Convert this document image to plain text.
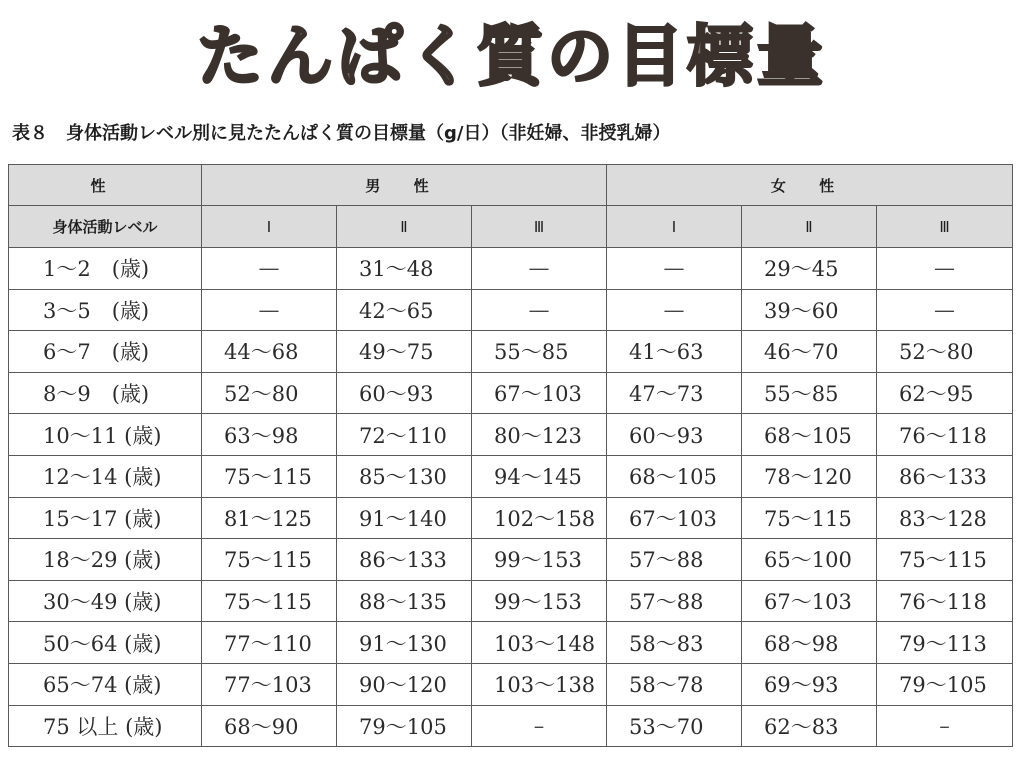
たんぱく質の目標量
表８　身体活動レベル別に見たたんぱく質の目標量（g/日）（非妊婦、非授乳婦）
性	男 性			女 性		
身体活動レベル	Ⅰ	Ⅱ	Ⅲ	Ⅰ	Ⅱ	Ⅲ
1～2　(歳)	—	31～48	—	—	29～45	—
3～5　(歳)	—	42～65	—	—	39～60	—
6～7　(歳)	44～68	49～75	55～85	41～63	46～70	52～80
8～9　(歳)	52～80	60～93	67～103	47～73	55～85	62～95
10～11 (歳)	63～98	72～110	80～123	60～93	68～105	76～118
12～14 (歳)	75～115	85～130	94～145	68～105	78～120	86～133
15～17 (歳)	81～125	91～140	102～158	67～103	75～115	83～128
18～29 (歳)	75～115	86～133	99～153	57～88	65～100	75～115
30～49 (歳)	75～115	88～135	99～153	57～88	67～103	76～118
50～64 (歳)	77～110	91～130	103～148	58～83	68～98	79～113
65～74 (歳)	77～103	90～120	103～138	58～78	69～93	79～105
75 以上 (歳)	68～90	79～105	–	53～70	62～83	–
